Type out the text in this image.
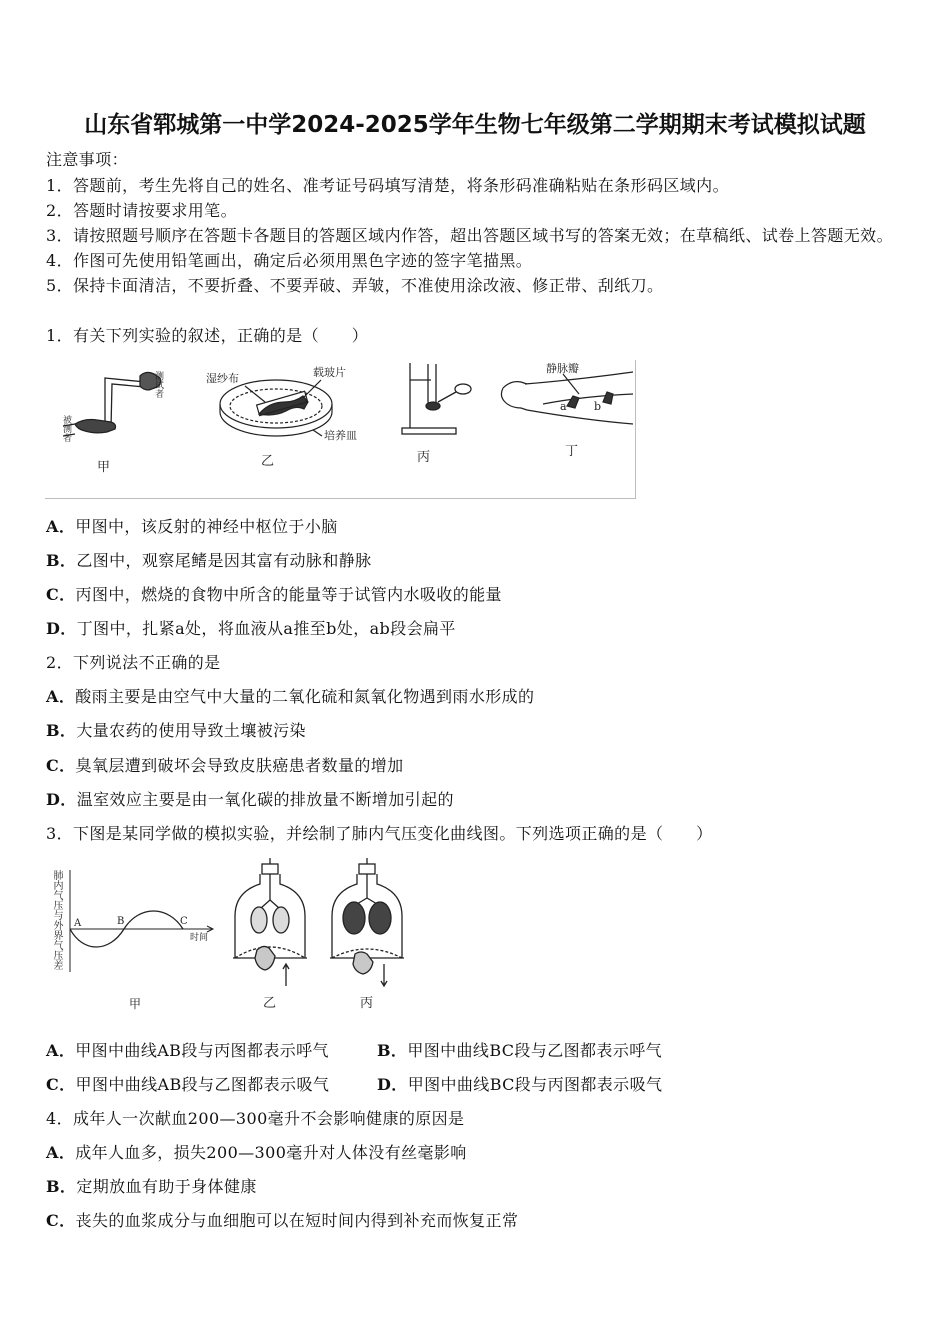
山东省郓城第一中学2024-2025学年生物七年级第二学期期末考试模拟试题
注意事项：
1．答题前，考生先将自己的姓名、准考证号码填写清楚，将条形码准确粘贴在条形码区域内。
2．答题时请按要求用笔。
3．请按照题号顺序在答题卡各题目的答题区域内作答，超出答题区域书写的答案无效；在草稿纸、试卷上答题无效。
4．作图可先使用铅笔画出，确定后必须用黑色字迹的签字笔描黑。
5．保持卡面清洁，不要折叠、不要弄破、弄皱，不准使用涂改液、修正带、刮纸刀。
1．有关下列实验的叙述，正确的是（　　）
测试者
被测者
甲
湿纱布	载玻片
培养皿
乙	丙
静脉瓣
a b
丁
A．甲图中，该反射的神经中枢位于小脑
B．乙图中，观察尾鳍是因其富有动脉和静脉
C．丙图中，燃烧的食物中所含的能量等于试管内水吸收的能量
D．丁图中，扎紧a处，将血液从a推至b处，ab段会扁平
2．下列说法不正确的是
A．酸雨主要是由空气中大量的二氧化硫和氮氧化物遇到雨水形成的
B．大量农药的使用导致土壤被污染
C．臭氧层遭到破坏会导致皮肤癌患者数量的增加
D．温室效应主要是由一氧化碳的排放量不断增加引起的
3．下图是某同学做的模拟实验，并绘制了肺内气压变化曲线图。下列选项正确的是（　　）
肺内气压与外界气压差 A	B	C
时间
甲	乙	丙
A．甲图中曲线AB段与丙图都表示呼气	B．甲图中曲线BC段与乙图都表示呼气
C．甲图中曲线AB段与乙图都表示吸气	D．甲图中曲线BC段与丙图都表示吸气
4．成年人一次献血200—300毫升不会影响健康的原因是
A．成年人血多，损失200—300毫升对人体没有丝毫影响
B．定期放血有助于身体健康
C．丧失的血浆成分与血细胞可以在短时间内得到补充而恢复正常
